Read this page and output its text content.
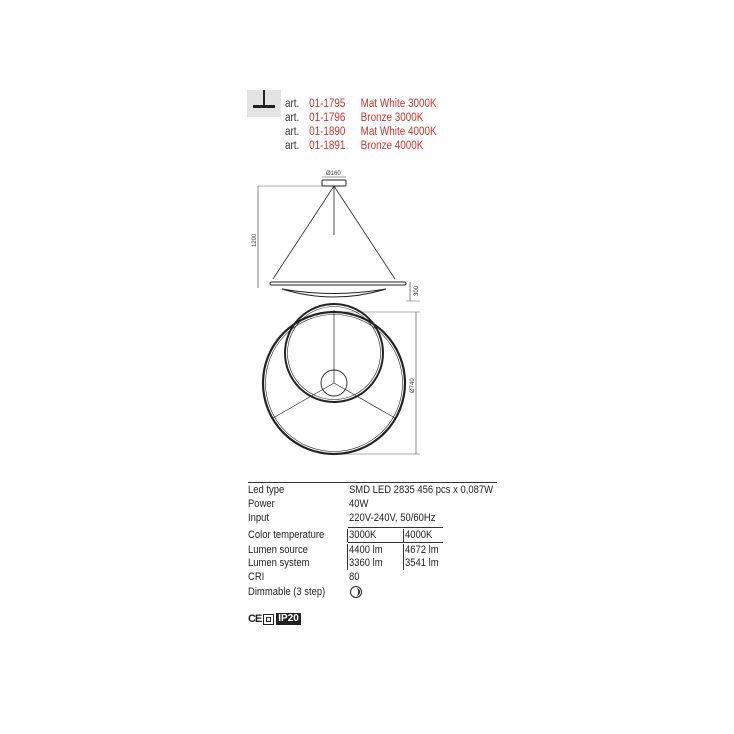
art. 01-1795 Mat White 3000K
art. 01-1796 Bronze 3000K
art. 01-1890 Mat White 4000K
art. 01-1891 Bronze 4000K
Ø160
1200
300
Ø740
Led type	SMD LED 2835 456 pcs x 0,087W
Power	40W
Input	220V-240V, 50/60Hz
Color temperature 3000K	4000K
Lumen source	4400 lm 4672 lm
Lumen system	3360 lm 3541 lm
CRI	80
Dimmable (3 step)
CE IP20
